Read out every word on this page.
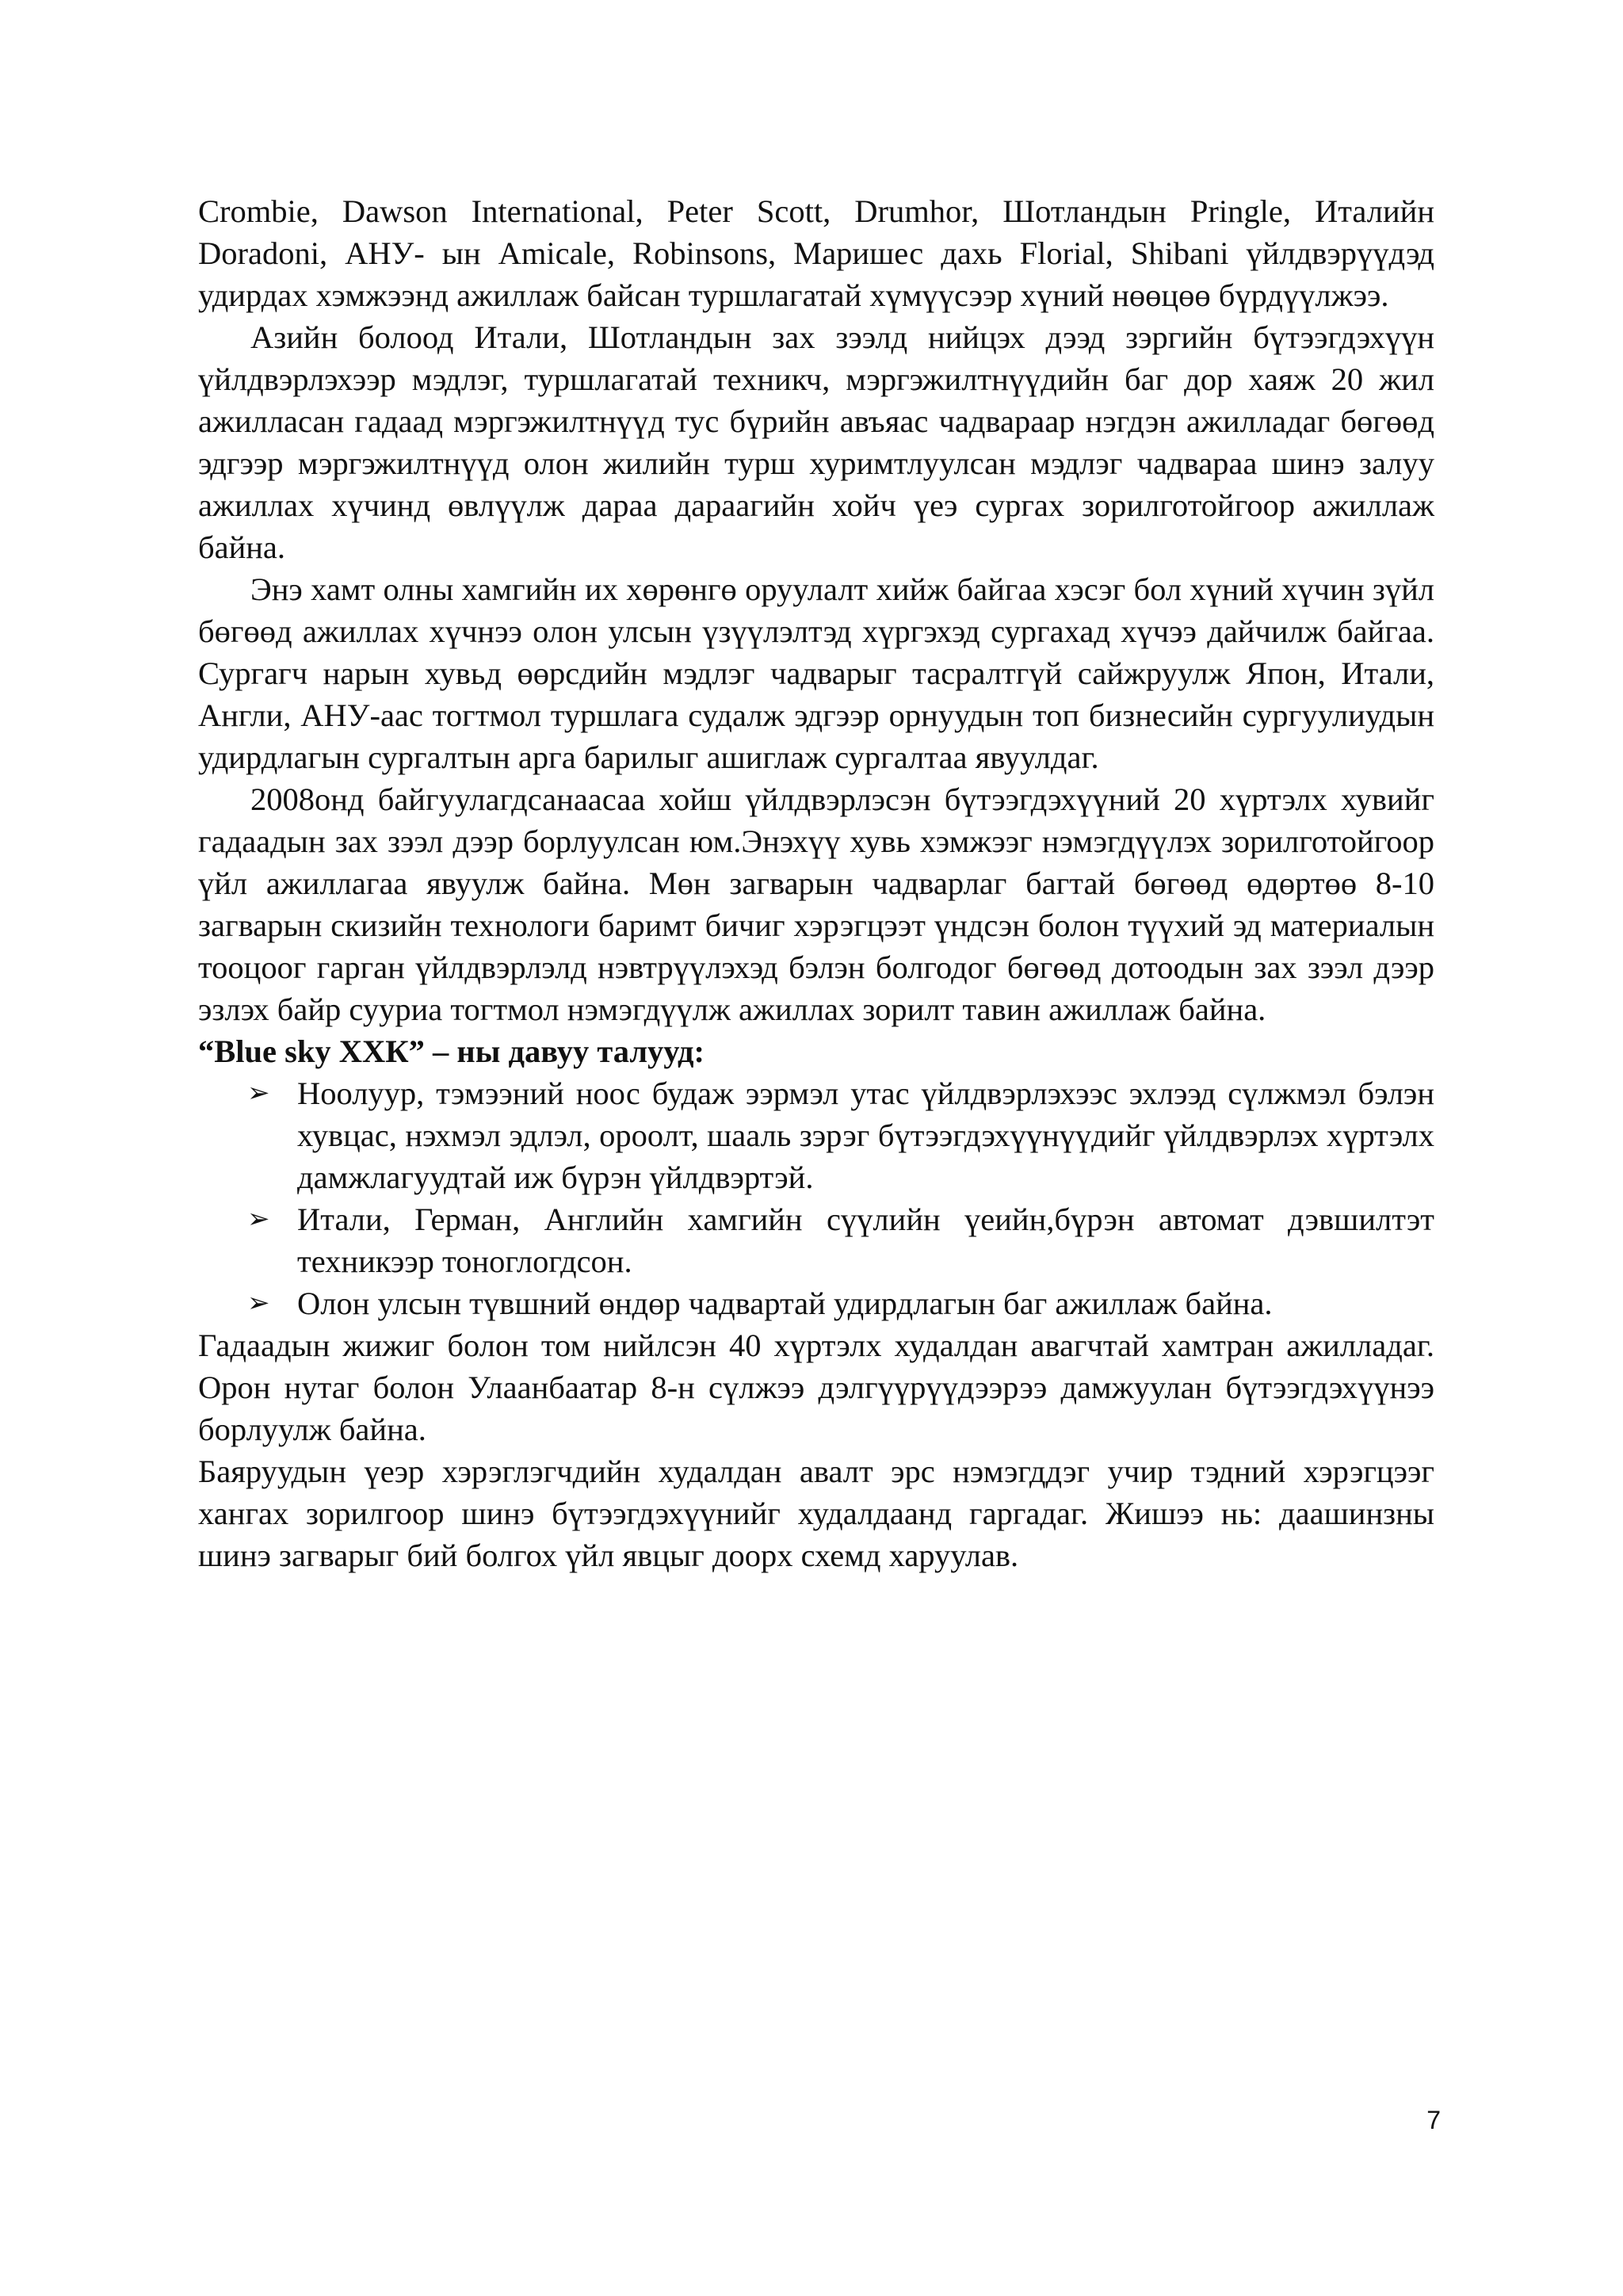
Crombie, Dawson International, Peter Scott, Drumhor, Шотландын Pringle, Италийн Doradoni, АНУ- ын Amicale, Robinsons, Маришес дахь Florial, Shibani үйлдвэрүүдэд удирдах хэмжээнд ажиллаж байсан туршлагатай хүмүүсээр хүний нөөцөө бүрдүүлжээ.

Азийн болоод Итали, Шотландын зах зээлд нийцэх дээд зэргийн бүтээгдэхүүн үйлдвэрлэхээр мэдлэг, туршлагатай техникч, мэргэжилтнүүдийн баг дор хаяж 20 жил ажилласан гадаад мэргэжилтнүүд тус бүрийн авъяас чадвараар нэгдэн ажилладаг бөгөөд эдгээр мэргэжилтнүүд олон жилийн турш хуримтлуулсан мэдлэг чадвараа шинэ залуу ажиллах хүчинд өвлүүлж дараа дараагийн хойч үеэ сургах зорилготойгоор ажиллаж байна.

Энэ хамт олны хамгийн их хөрөнгө оруулалт хийж байгаа хэсэг бол хүний хүчин зүйл бөгөөд ажиллах хүчнээ олон улсын үзүүлэлтэд хүргэхэд сургахад хүчээ дайчилж байгаа. Сургагч нарын хувьд өөрсдийн мэдлэг чадварыг тасралтгүй сайжруулж Япон, Итали, Англи, АНУ-аас тогтмол туршлага судалж эдгээр орнуудын топ бизнесийн сургуулиудын удирдлагын сургалтын арга барилыг ашиглаж сургалтаа явуулдаг.

2008онд байгуулагдсанаасаа хойш үйлдвэрлэсэн бүтээгдэхүүний 20 хүртэлх хувийг гадаадын зах зээл дээр борлуулсан юм.Энэхүү хувь хэмжээг нэмэгдүүлэх зорилготойгоор үйл ажиллагаа явуулж байна. Мөн загварын чадварлаг багтай бөгөөд өдөртөө 8-10 загварын скизийн технологи баримт бичиг хэрэгцээт үндсэн болон түүхий эд материалын тооцоог гарган үйлдвэрлэлд нэвтрүүлэхэд бэлэн болгодог бөгөөд дотоодын зах зээл дээр эзлэх байр сууриа тогтмол нэмэгдүүлж ажиллах зорилт тавин ажиллаж байна.

“Blue sky ХХК” – ны давуу талууд:

➢ Ноолуур, тэмээний ноос будаж ээрмэл утас үйлдвэрлэхээс эхлээд сүлжмэл бэлэн хувцас, нэхмэл эдлэл, ороолт, шааль зэрэг бүтээгдэхүүнүүдийг үйлдвэрлэх хүртэлх дамжлагуудтай иж бүрэн үйлдвэртэй.
➢ Итали, Герман, Английн хамгийн сүүлийн үеийн,бүрэн автомат дэвшилтэт техникээр тоноглогдсон.
➢ Олон улсын түвшний өндөр чадвартай удирдлагын баг ажиллаж байна.

Гадаадын жижиг болон том нийлсэн 40 хүртэлх худалдан авагчтай хамтран ажилладаг. Орон нутаг болон Улаанбаатар 8-н сүлжээ дэлгүүрүүдээрээ дамжуулан бүтээгдэхүүнээ борлуулж байна.

Баяруудын үеэр хэрэглэгчдийн худалдан авалт эрс нэмэгддэг учир тэдний хэрэгцээг хангах зорилгоор шинэ бүтээгдэхүүнийг худалдаанд гаргадаг. Жишээ нь: даашинзны шинэ загварыг бий болгох үйл явцыг доорх схемд харуулав.

7
